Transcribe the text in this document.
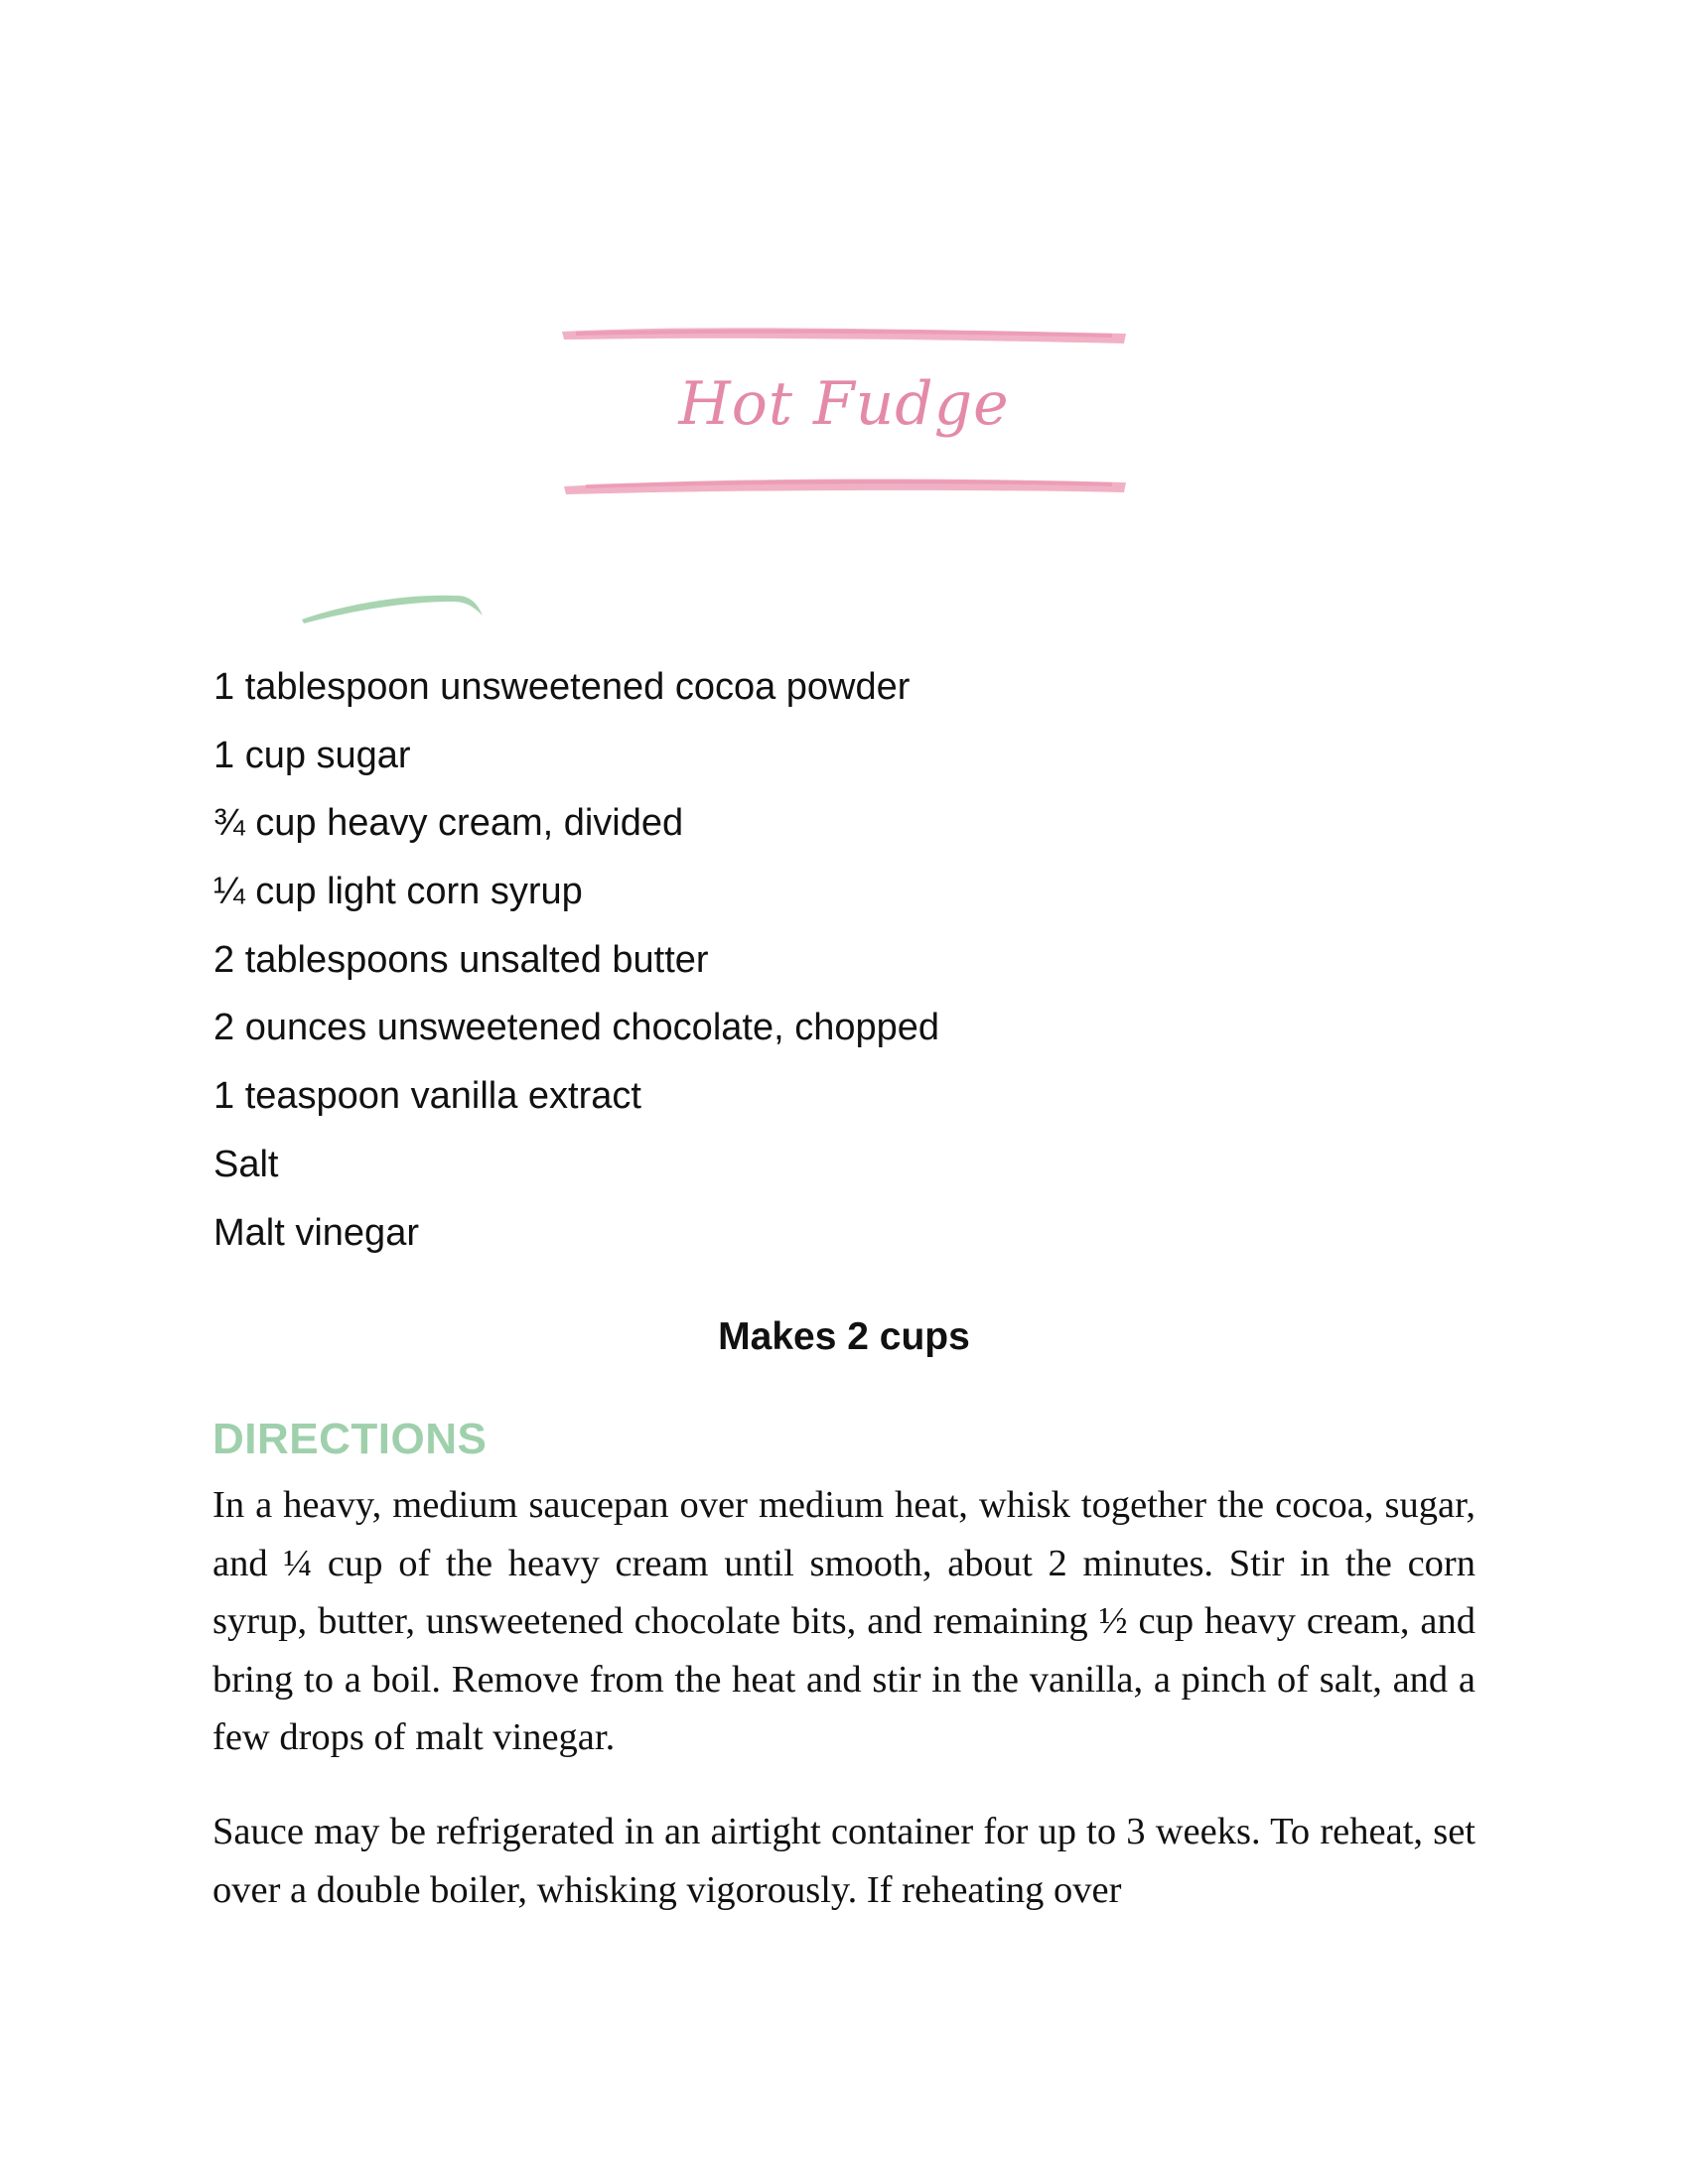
Hot Fudge
1 tablespoon unsweetened cocoa powder
1 cup sugar
¾ cup heavy cream, divided
¼ cup light corn syrup
2 tablespoons unsalted butter
2 ounces unsweetened chocolate, chopped
1 teaspoon vanilla extract
Salt
Malt vinegar
Makes 2 cups
DIRECTIONS

In a heavy, medium saucepan over medium heat, whisk together the cocoa, sugar, and ¼ cup of the heavy cream until smooth, about 2 minutes. Stir in the corn syrup, butter, unsweetened chocolate bits, and remaining ½ cup heavy cream, and bring to a boil. Remove from the heat and stir in the vanilla, a pinch of salt, and a few drops of malt vinegar.

Sauce may be refrigerated in an airtight container for up to 3 weeks. To reheat, set over a double boiler, whisking vigorously. If reheating over
